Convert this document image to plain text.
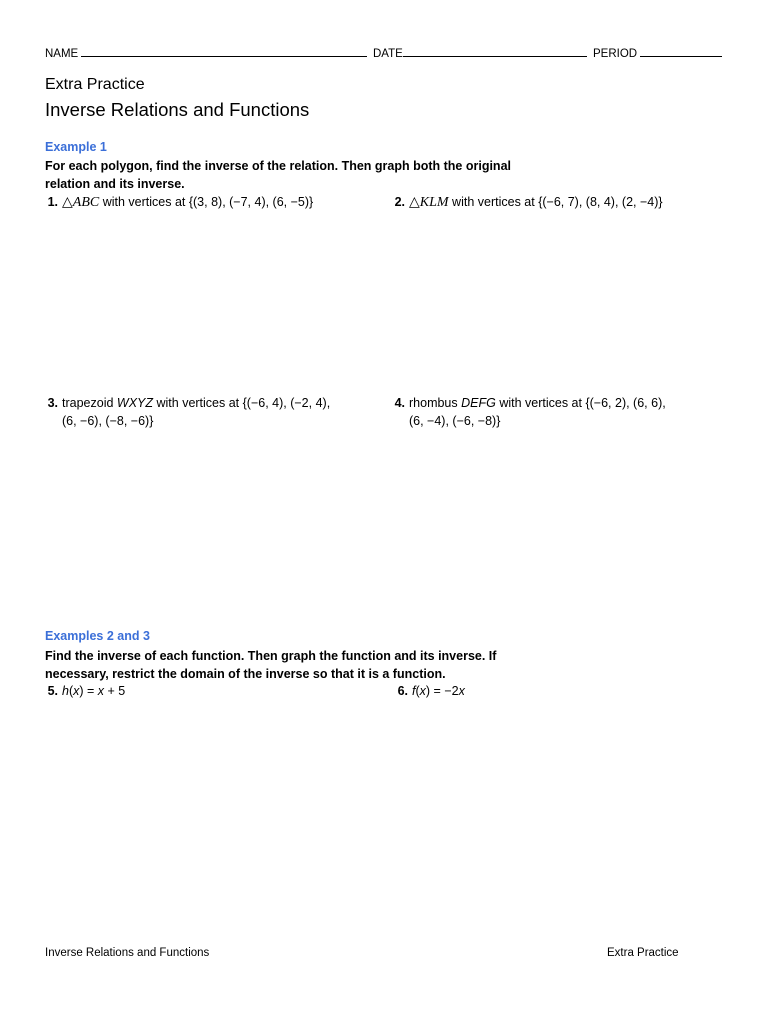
NAME	DATE	PERIOD
Extra Practice
Inverse Relations and Functions
Example 1
For each polygon, find the inverse of the relation. Then graph both the original relation and its inverse.
1. △ABC with vertices at {(3, 8), (−7, 4), (6, −5)}	2. △KLM with vertices at {(−6, 7), (8, 4), (2, −4)}
3. trapezoid WXYZ with vertices at {(−6, 4), (−2, 4),
(6, −6), (−8, −6)}
4. rhombus DEFG with vertices at {(−6, 2), (6, 6),
(6, −4), (−6, −8)}
Examples 2 and 3
Find the inverse of each function. Then graph the function and its inverse. If necessary, restrict the domain of the inverse so that it is a function.
5. h(x) = x + 5	6. f(x) = −2x
Inverse Relations and Functions	Extra Practice
